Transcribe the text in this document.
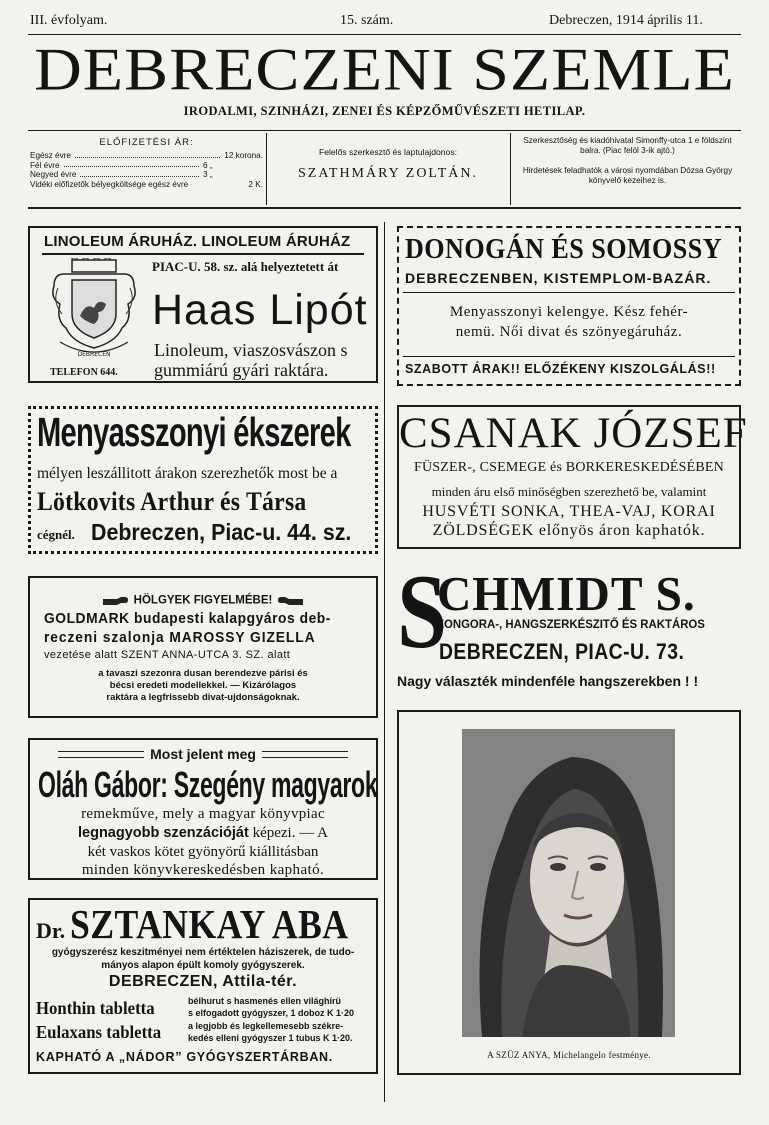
III. évfolyam.	15. szám.	Debreczen, 1914 április 11.
DEBRECZENI SZEMLE
IRODALMI, SZINHÁZI, ZENEI ÉS KÉPZŐMŰVÉSZETI HETILAP.
ELŐFIZETÉSI ÁR:
Egész évre	12 korona.
Fél évre	6 „
Negyed évre	3 „
Vidéki előfizetők bélyegköltsége egész évre	2 K.
Felelős szerkesztő és laptulajdonos:
SZATHMÁRY ZOLTÁN.
Szerkesztőség és kiadóhivatal Simonffy-utca 1 e földszint balra. (Piac felöl 3-ik ajtó.)
Hirdetések feladhatók a városi nyomdában Dózsa György könyvelő kezeihez is.
LINOLEUM ÁRUHÁZ. LINOLEUM ÁRUHÁZ
DEBRECEN
PIAC-U. 58. sz. alá helyeztetett át
Haas Lipót
Linoleum, viaszosvászon s
gummiárú gyári raktára.
TELEFON 644.
DONOGÁN ÉS SOMOSSY
DEBRECZENBEN, KISTEMPLOM-BAZÁR.
Menyasszonyi kelengye. Kész fehér-
nemü. Női divat és szönyegáruház.
SZABOTT ÁRAK!! ELŐZÉKENY KISZOLGÁLÁS!!
Menyasszonyi ékszerek
mélyen leszállitott árakon szerezhetők most be a
Lötkovits Arthur és Társa
cégnél. Debreczen, Piac-u. 44. sz.
CSANAK JÓZSEF
FÜSZER-, CSEMEGE és BORKERESKEDÉSÉBEN
minden áru első minőségben szerezhető be, valamint
HUSVÉTI SONKA, THEA-VAJ, KORAI
ZÖLDSÉGEK előnyös áron kaphatók.
HÖLGYEK FIGYELMÉBE!
GOLDMARK budapesti kalapgyáros deb-
reczeni szalonja MAROSSY GIZELLA
vezetése alatt SZENT ANNA-UTCA 3. SZ. alatt
a tavaszi szezonra dusan berendezve párisi és
bécsi eredeti modellekkel. — Kizárólagos
raktára a legfrissebb divat-ujdonságoknak.
S
CHMIDT S.
ZONGORA-, HANGSZERKÉSZITŐ ÉS RAKTÁROS
DEBRECZEN, PIAC-U. 73.
Nagy választék mindenféle hangszerekben ! !
Most jelent meg
Oláh Gábor: Szegény magyarok
remekműve, mely a magyar könyvpiac
legnagyobb szenzációját képezi. — A
két vaskos kötet gyönyörű kiállitásban
minden könyvkereskedésben kapható.
A SZÜZ ANYA, Michelangelo festménye.
Dr. SZTANKAY ABA
gyógyszerész keszitményei nem értéktelen háziszerek, de tudo-
mányos alapon épült komoly gyógyszerek.
DEBRECZEN, Attila-tér.
Honthin tabletta	bélhurut s hasmenés ellen világhírü
s elfogadott gyógyszer, 1 doboz K 1·20
Eulaxans tabletta	a legjobb és legkellemesebb székre-
kedés elleni gyógyszer 1 tubus K 1·20.
KAPHATÓ A „NÁDOR” GYÓGYSZERTÁRBAN.
